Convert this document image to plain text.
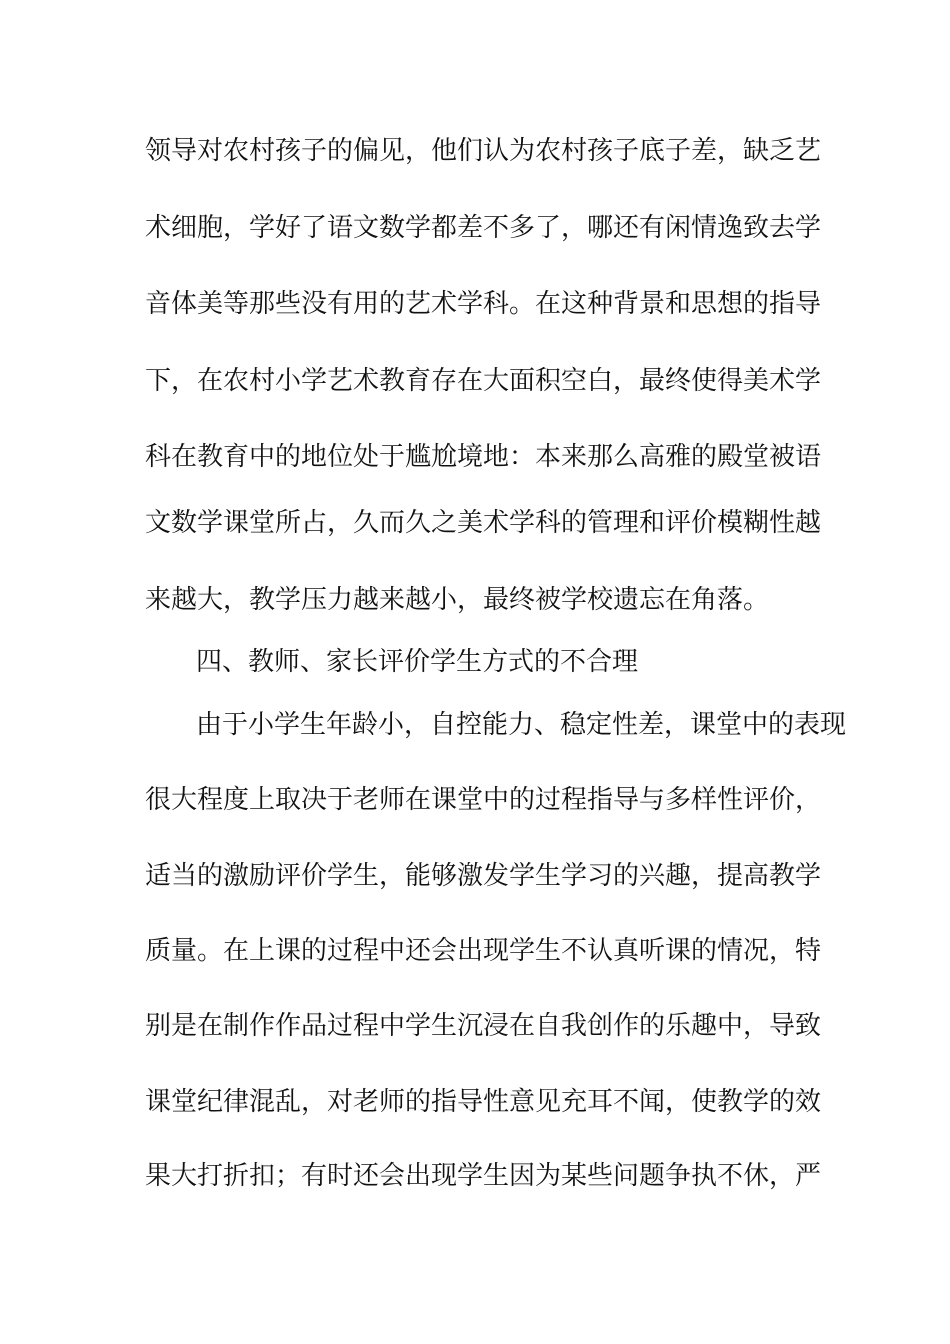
领导对农村孩子的偏见，他们认为农村孩子底子差，缺乏艺
术细胞，学好了语文数学都差不多了，哪还有闲情逸致去学
音体美等那些没有用的艺术学科。在这种背景和思想的指导
下，在农村小学艺术教育存在大面积空白，最终使得美术学
科在教育中的地位处于尴尬境地：本来那么高雅的殿堂被语
文数学课堂所占，久而久之美术学科的管理和评价模糊性越
来越大，教学压力越来越小，最终被学校遗忘在角落。
四、教师、家长评价学生方式的不合理
由于小学生年龄小，自控能力、稳定性差，课堂中的表现
很大程度上取决于老师在课堂中的过程指导与多样性评价，
适当的激励评价学生，能够激发学生学习的兴趣，提高教学
质量。在上课的过程中还会出现学生不认真听课的情况，特
别是在制作作品过程中学生沉浸在自我创作的乐趣中，导致
课堂纪律混乱，对老师的指导性意见充耳不闻，使教学的效
果大打折扣；有时还会出现学生因为某些问题争执不休，严
